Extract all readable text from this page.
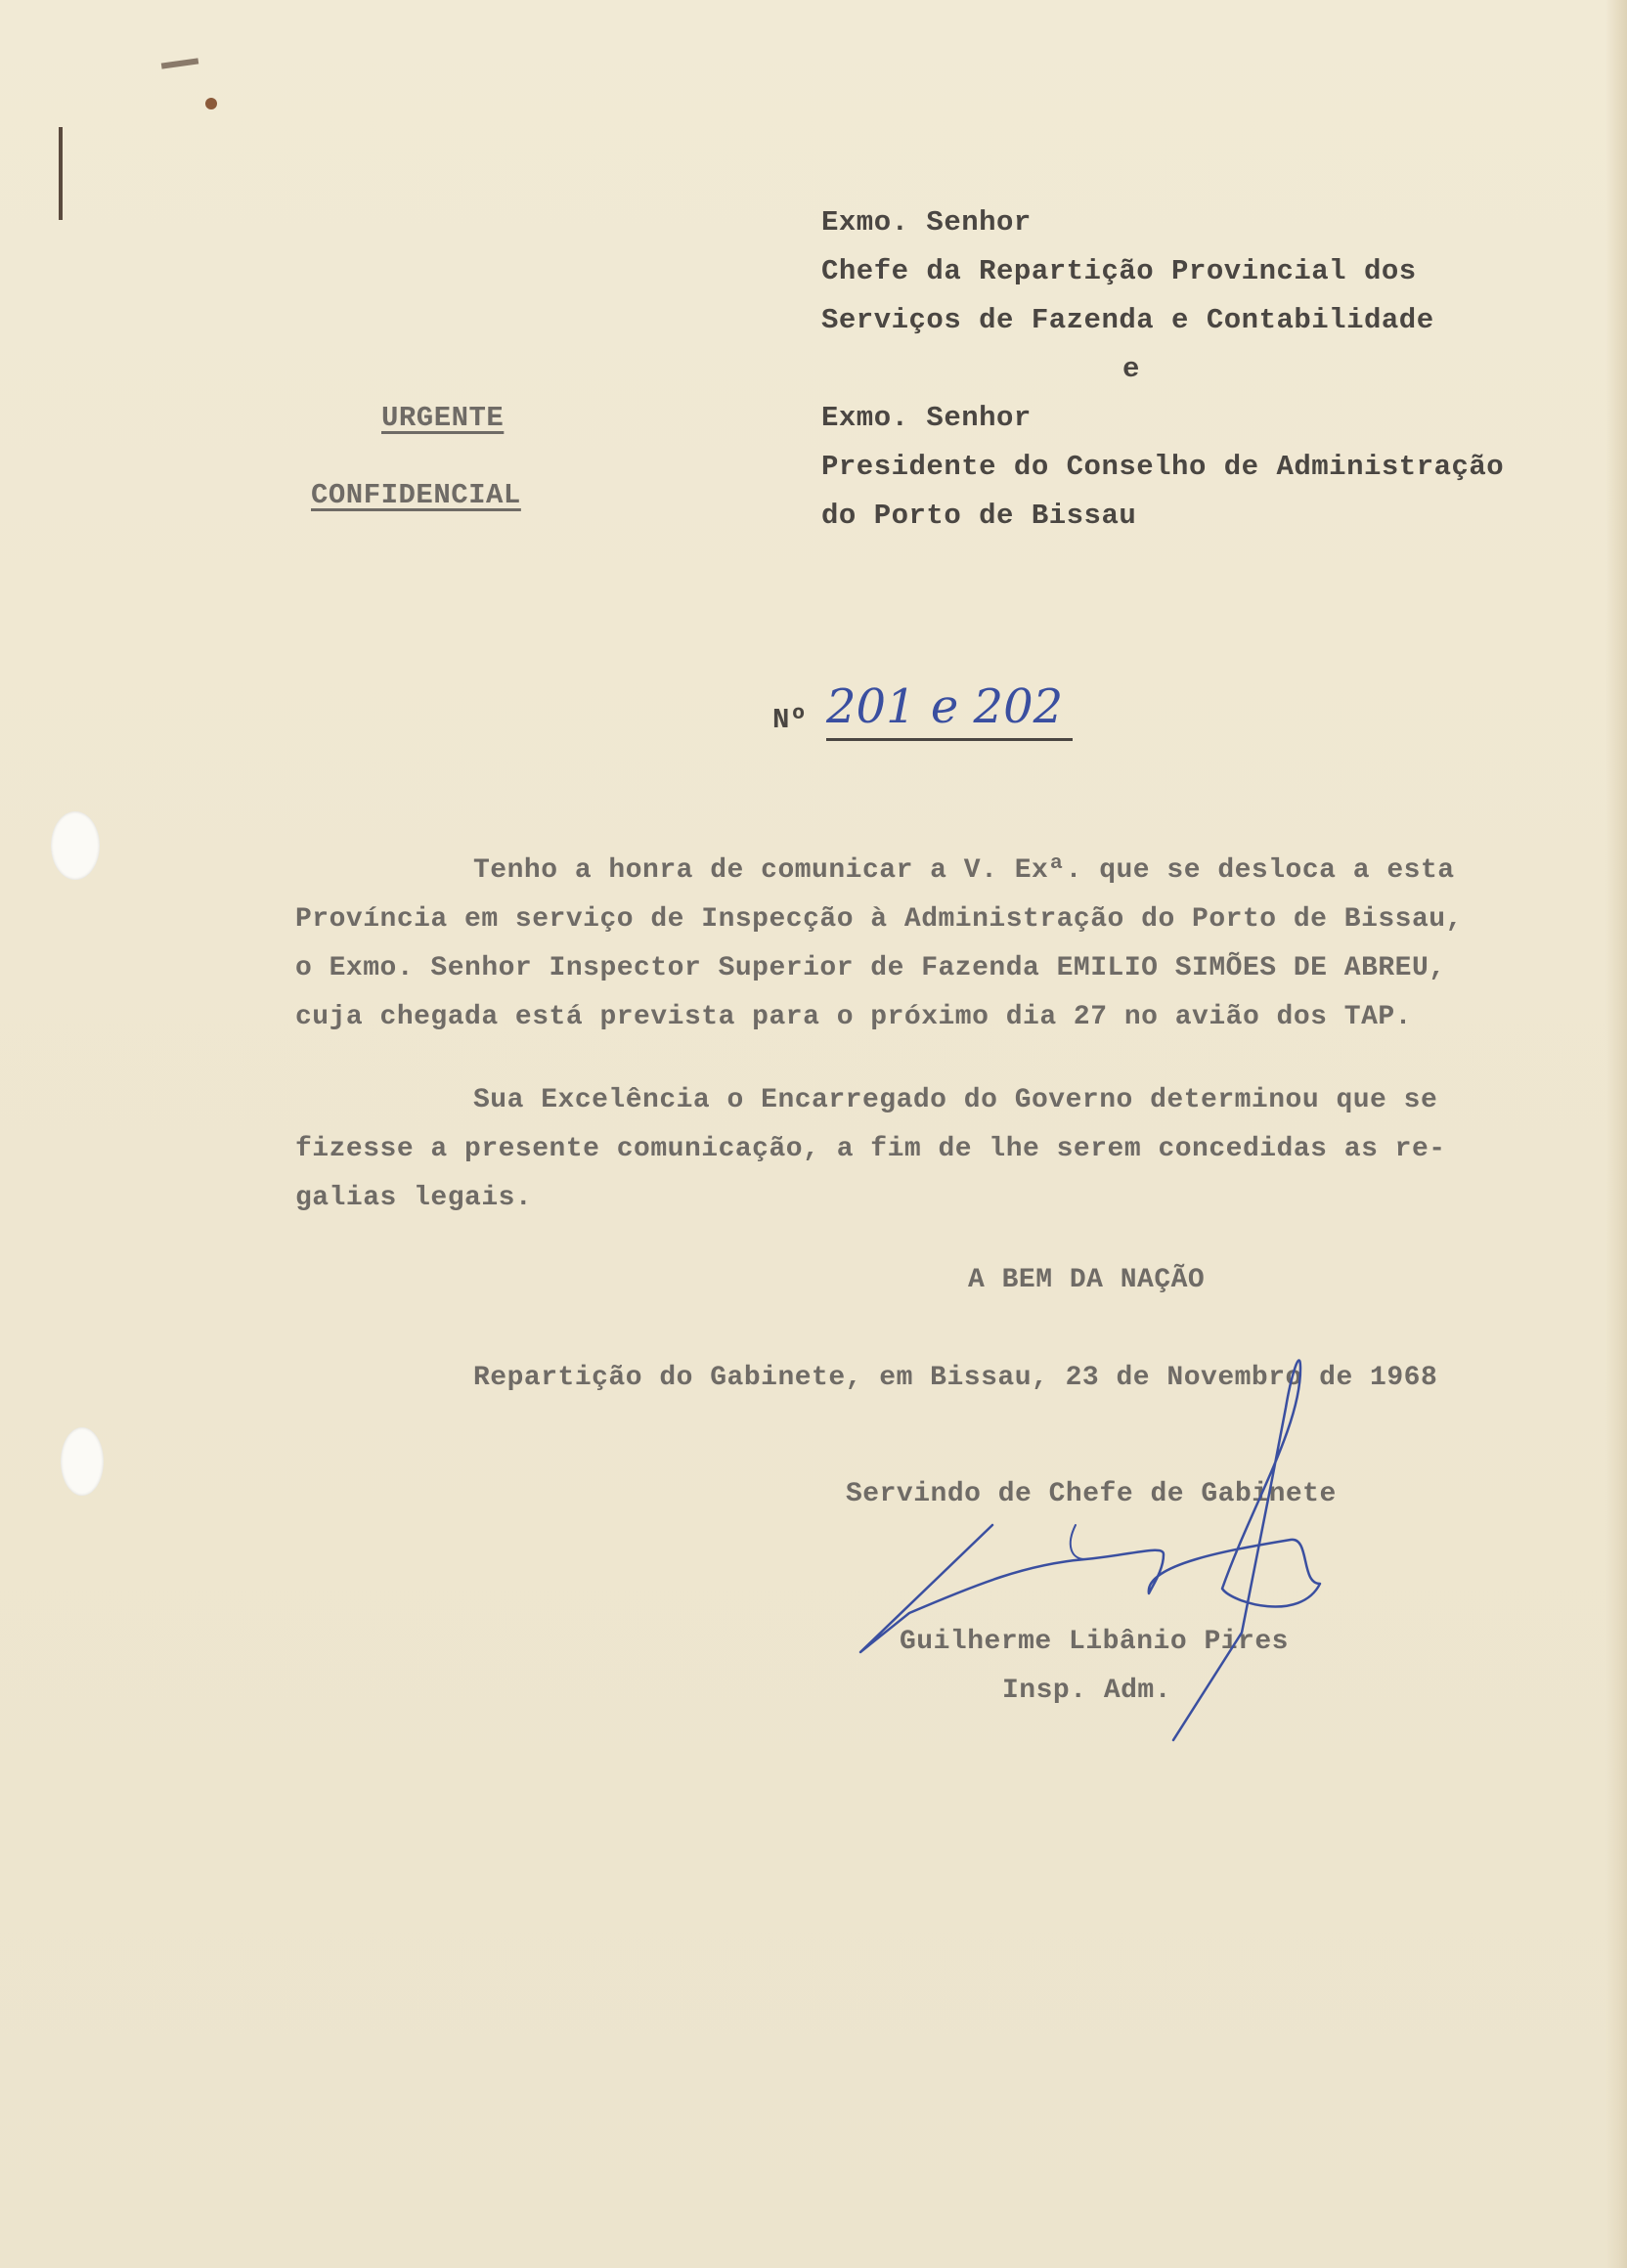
Exmo. Senhor
Chefe da Repartição Provincial dos
Serviços de Fazenda e Contabilidade
e
Exmo. Senhor
Presidente do Conselho de Administração
do Porto de Bissau
URGENTE
CONFIDENCIAL
Nº 201 e 202
Tenho a honra de comunicar a V. Exª. que se desloca a esta
Província em serviço de Inspecção à Administração do Porto de Bissau,
o Exmo. Senhor Inspector Superior de Fazenda EMILIO SIMÕES DE ABREU,
cuja chegada está prevista para o próximo dia 27 no avião dos TAP.
Sua Excelência o Encarregado do Governo determinou que se
fizesse a presente comunicação, a fim de lhe serem concedidas as re-
galias legais.
A BEM DA NAÇÃO
Repartição do Gabinete, em Bissau, 23 de Novembro de 1968
Servindo de Chefe de Gabinete
Guilherme Libânio Pires
Insp. Adm.
